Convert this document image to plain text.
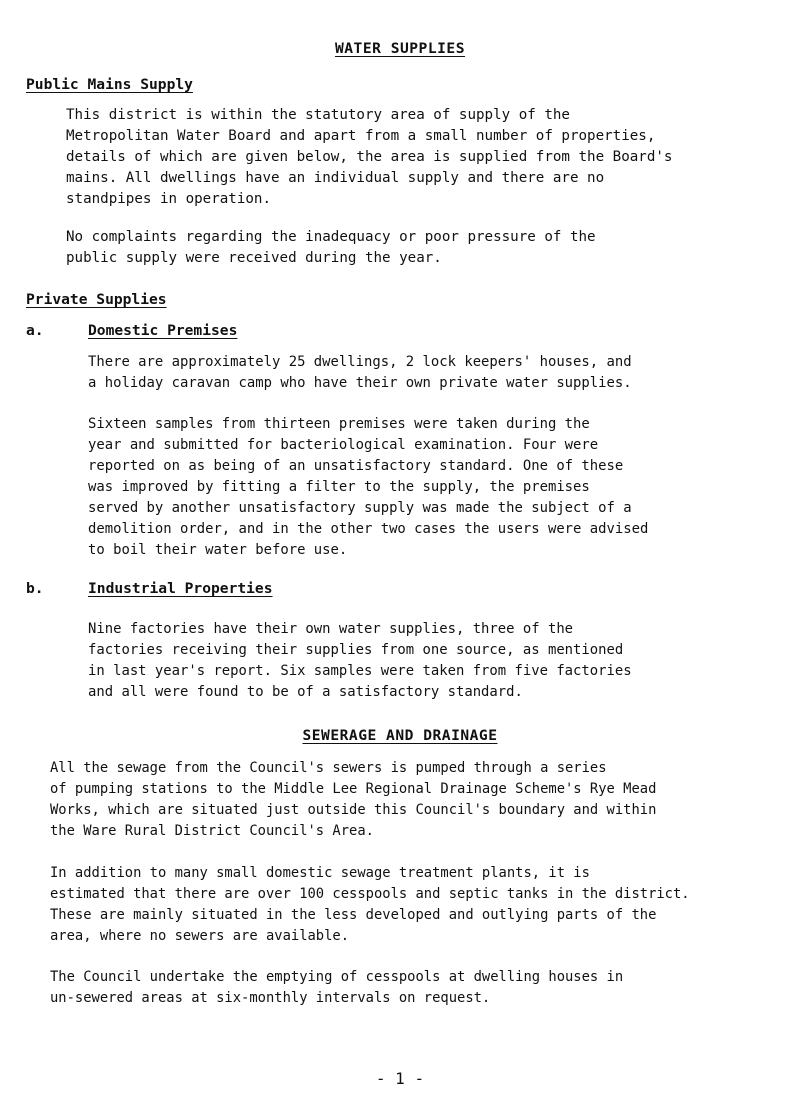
WATER SUPPLIES
Public Mains Supply
This district is within the statutory area of supply of the
Metropolitan Water Board and apart from a small number of properties,
details of which are given below, the area is supplied from the Board's
mains. All dwellings have an individual supply and there are no
standpipes in operation.
No complaints regarding the inadequacy or poor pressure of the
public supply were received during the year.
Private Supplies
a.	Domestic Premises
There are approximately 25 dwellings, 2 lock keepers' houses, and
a holiday caravan camp who have their own private water supplies.
Sixteen samples from thirteen premises were taken during the
year and submitted for bacteriological examination. Four were
reported on as being of an unsatisfactory standard. One of these
was improved by fitting a filter to the supply, the premises
served by another unsatisfactory supply was made the subject of a
demolition order, and in the other two cases the users were advised
to boil their water before use.
b.	Industrial Properties
Nine factories have their own water supplies, three of the
factories receiving their supplies from one source, as mentioned
in last year's report. Six samples were taken from five factories
and all were found to be of a satisfactory standard.
SEWERAGE AND DRAINAGE
All the sewage from the Council's sewers is pumped through a series
of pumping stations to the Middle Lee Regional Drainage Scheme's Rye Mead
Works, which are situated just outside this Council's boundary and within
the Ware Rural District Council's Area.
In addition to many small domestic sewage treatment plants, it is
estimated that there are over 100 cesspools and septic tanks in the district.
These are mainly situated in the less developed and outlying parts of the
area, where no sewers are available.
The Council undertake the emptying of cesspools at dwelling houses in
un-sewered areas at six-monthly intervals on request.
- 1 -
